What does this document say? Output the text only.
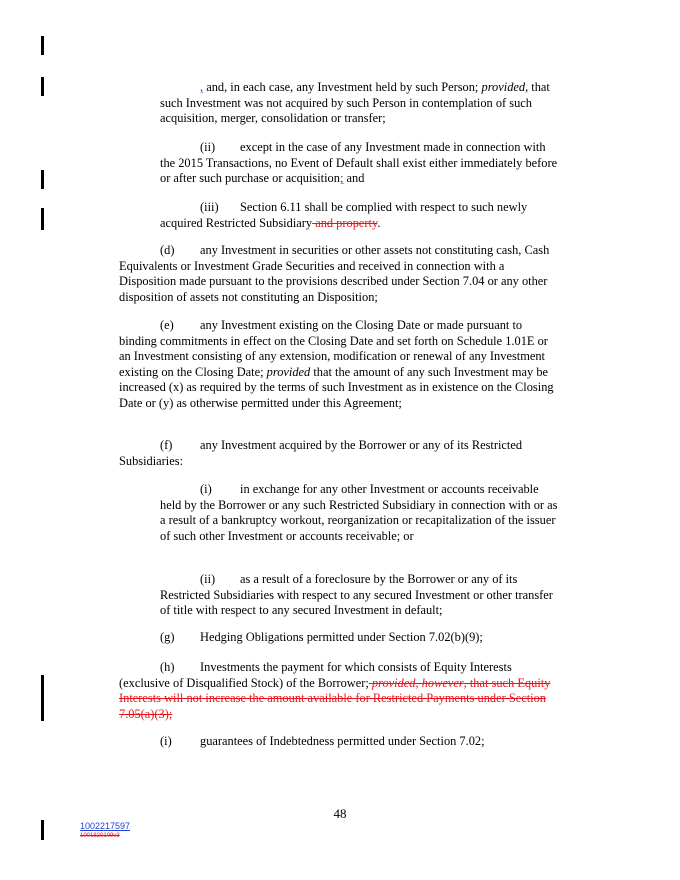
, and, in each case, any Investment held by such Person; provided, that such Investment was not acquired by such Person in contemplation of such acquisition, merger, consolidation or transfer;
(ii) except in the case of any Investment made in connection with the 2015 Transactions, no Event of Default shall exist either immediately before or after such purchase or acquisition; and
(iii) Section 6.11 shall be complied with respect to such newly acquired Restricted Subsidiary and property.
(d) any Investment in securities or other assets not constituting cash, Cash Equivalents or Investment Grade Securities and received in connection with a Disposition made pursuant to the provisions described under Section 7.04 or any other disposition of assets not constituting an Disposition;
(e) any Investment existing on the Closing Date or made pursuant to binding commitments in effect on the Closing Date and set forth on Schedule 1.01E or an Investment consisting of any extension, modification or renewal of any Investment existing on the Closing Date; provided that the amount of any such Investment may be increased (x) as required by the terms of such Investment as in existence on the Closing Date or (y) as otherwise permitted under this Agreement;
(f) any Investment acquired by the Borrower or any of its Restricted Subsidiaries:
(i) in exchange for any other Investment or accounts receivable held by the Borrower or any such Restricted Subsidiary in connection with or as a result of a bankruptcy workout, reorganization or recapitalization of the issuer of such other Investment or accounts receivable; or
(ii) as a result of a foreclosure by the Borrower or any of its Restricted Subsidiaries with respect to any secured Investment or other transfer of title with respect to any secured Investment in default;
(g) Hedging Obligations permitted under Section 7.02(b)(9);
(h) Investments the payment for which consists of Equity Interests (exclusive of Disqualified Stock) of the Borrower; provided, however, that such Equity Interests will not increase the amount available for Restricted Payments under Section 7.05(a)(3);
(i) guarantees of Indebtedness permitted under Section 7.02;
48
1002217597
1001820109v3
